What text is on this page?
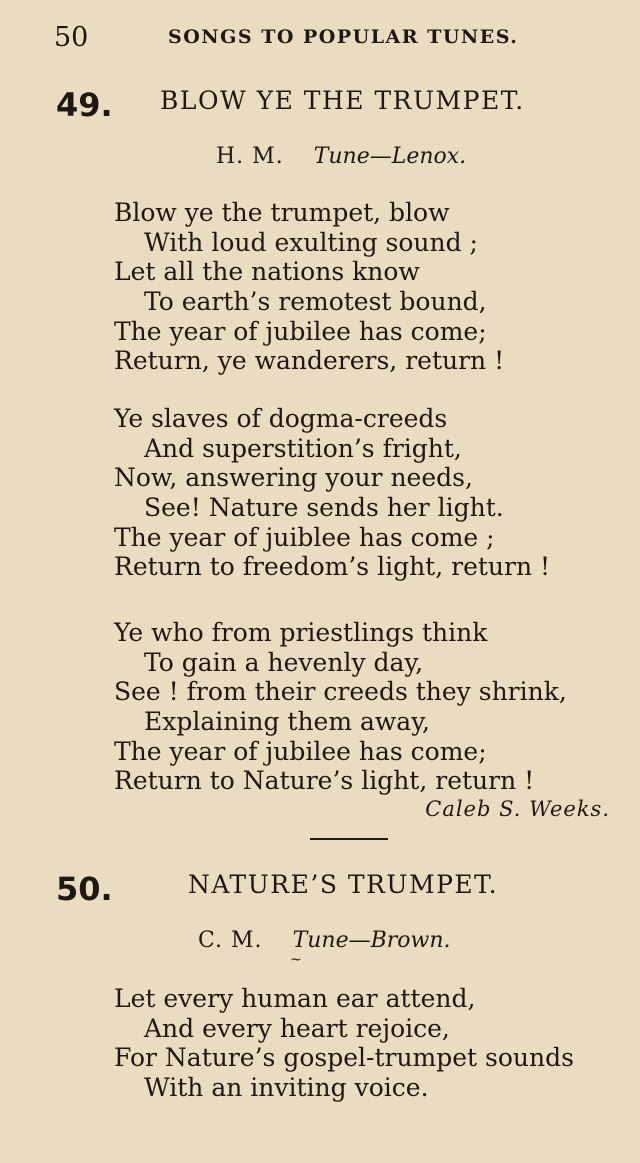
50	SONGS TO POPULAR TUNES.
49. BLOW YE THE TRUMPET.
H. M. Tune—Lenox.
Blow ye the trumpet, blow
With loud exulting sound ;
Let all the nations know
To earth’s remotest bound,
The year of jubilee has come;
Return, ye wanderers, return !
Ye slaves of dogma-creeds
And superstition’s fright,
Now, answering your needs,
See! Nature sends her light.
The year of juiblee has come ;
Return to freedom’s light, return !
Ye who from priestlings think
To gain a hevenly day,
See ! from their creeds they shrink,
Explaining them away,
The year of jubilee has come;
Return to Nature’s light, return !
Caleb S. Weeks.
50.	NATURE’S TRUMPET.
C. M. Tune—Brown.
~
Let every human ear attend,
And every heart rejoice,
For Nature’s gospel-trumpet sounds
With an inviting voice.
